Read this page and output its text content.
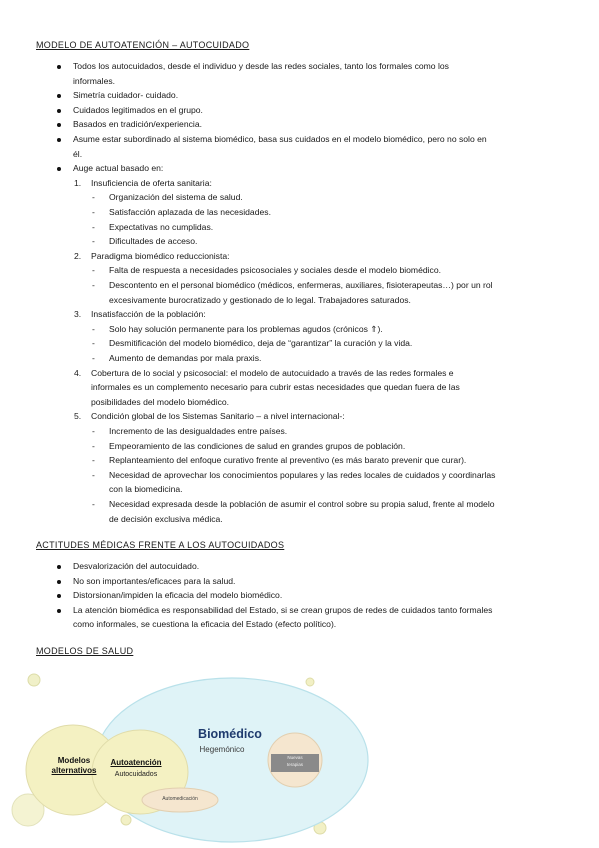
MODELO DE AUTOATENCIÓN – AUTOCUIDADO
Todos los autocuidados, desde el individuo y desde las redes sociales, tanto los formales como los
informales.
Simetría cuidador- cuidado.
Cuidados legitimados en el grupo.
Basados en tradición/experiencia.
Asume estar subordinado al sistema biomédico, basa sus cuidados en el modelo biomédico, pero no solo en
él.
Auge actual basado en:
1. Insuficiencia de oferta sanitaria:
- Organización del sistema de salud.
- Satisfacción aplazada de las necesidades.
- Expectativas no cumplidas.
- Dificultades de acceso.
2. Paradigma biomédico reduccionista:
- Falta de respuesta a necesidades psicosociales y sociales desde el modelo biomédico.
- Descontento en el personal biomédico (médicos, enfermeras, auxiliares, fisioterapeutas…) por un rol
excesivamente burocratizado y gestionado de lo legal. Trabajadores saturados.
3. Insatisfacción de la población:
- Solo hay solución permanente para los problemas agudos (crónicos ⇑).
- Desmitificación del modelo biomédico, deja de “garantizar” la curación y la vida.
- Aumento de demandas por mala praxis.
4. Cobertura de lo social y psicosocial: el modelo de autocuidado a través de las redes formales e
informales es un complemento necesario para cubrir estas necesidades que quedan fuera de las
posibilidades del modelo biomédico.
5. Condición global de los Sistemas Sanitario – a nivel internacional-:
- Incremento de las desigualdades entre países.
- Empeoramiento de las condiciones de salud en grandes grupos de población.
- Replanteamiento del enfoque curativo frente al preventivo (es más barato prevenir que curar).
- Necesidad de aprovechar los conocimientos populares y las redes locales de cuidados y coordinarlas
con la biomedicina.
- Necesidad expresada desde la población de asumir el control sobre su propia salud, frente al modelo
de decisión exclusiva médica.
ACTITUDES MÉDICAS FRENTE A LOS AUTOCUIDADOS
Desvalorización del autocuidado.
No son importantes/eficaces para la salud.
Distorsionan/impiden la eficacia del modelo biomédico.
La atención biomédica es responsabilidad del Estado, si se crean grupos de redes de cuidados tanto formales
como informales, se cuestiona la eficacia del Estado (efecto político).
MODELOS DE SALUD
Biomédico
Hegemónico
Modelos
alternativos
Autoatención
Autocuidados
Automedicación
Nuevas
terapias
